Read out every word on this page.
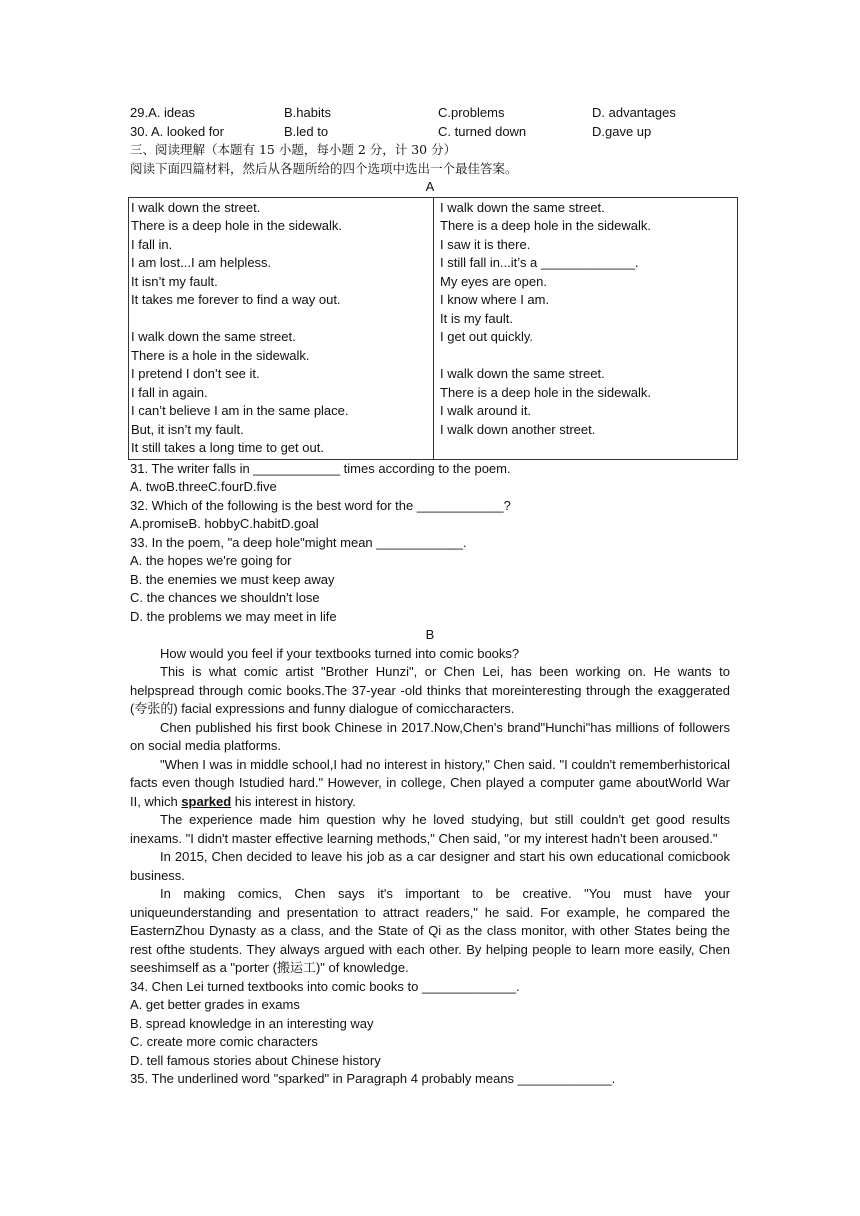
29.A. ideas	B.habits	C.problems	D. advantages
30. A. looked for	B.led to	C. turned down	D.gave up
三、阅读理解（本题有 15 小题，每小题 2 分，计 30 分）
阅读下面四篇材料，然后从各题所给的四个选项中选出一个最佳答案。
A
I walk down the street.
There is a deep hole in the sidewalk.
I fall in.
I am lost...I am helpless.
It isn’t my fault.
It takes me forever to find a way out.
I walk down the same street.
There is a hole in the sidewalk.
I pretend I don’t see it.
I fall in again.
I can’t believe I am in the same place.
But, it isn’t my fault.
It still takes a long time to get out.
I walk down the same street.
There is a deep hole in the sidewalk.
I saw it is there.
I still fall in...it’s a _____________.
My eyes are open.
I know where I am.
It is my fault.
I get out quickly.
I walk down the same street.
There is a deep hole in the sidewalk.
I walk around it.
I walk down another street.
31. The writer falls in ____________ times according to the poem.
A. twoB.threeC.fourD.five
32. Which of the following is the best word for the ____________?
A.promiseB. hobbyC.habitD.goal
33. In the poem, "a deep hole"might mean ____________.
A. the hopes we're going for
B. the enemies we must keep away
C. the chances we shouldn't lose
D. the problems we may meet in life
B
How would you feel if your textbooks turned into comic books?
This is what comic artist "Brother Hunzi", or Chen Lei, has been working on. He wants to helpspread through comic books.The 37-year -old thinks that moreinteresting through the exaggerated (夸张的) facial expressions and funny dialogue of comiccharacters.
Chen published his first book Chinese in 2017.Now,Chen's brand"Hunchi"has millions of followers on social media platforms.
"When I was in middle school,I had no interest in history," Chen said. "I couldn't rememberhistorical facts even though Istudied hard." However, in college, Chen played a computer game aboutWorld War II, which sparked his interest in history.
The experience made him question why he loved studying, but still couldn't get good results inexams. "I didn't master effective learning methods," Chen said, "or my interest hadn't been aroused."
In 2015, Chen decided to leave his job as a car designer and start his own educational comicbook business.
In making comics, Chen says it's important to be creative. "You must have your uniqueunderstanding and presentation to attract readers," he said. For example, he compared the EasternZhou Dynasty as a class, and the State of Qi as the class monitor, with other States being the rest ofthe students. They always argued with each other. By helping people to learn more easily, Chen seeshimself as a "porter (搬运工)" of knowledge.
34. Chen Lei turned textbooks into comic books to _____________.
A. get better grades in exams
B. spread knowledge in an interesting way
C. create more comic characters
D. tell famous stories about Chinese history
35. The underlined word "sparked" in Paragraph 4 probably means _____________.
